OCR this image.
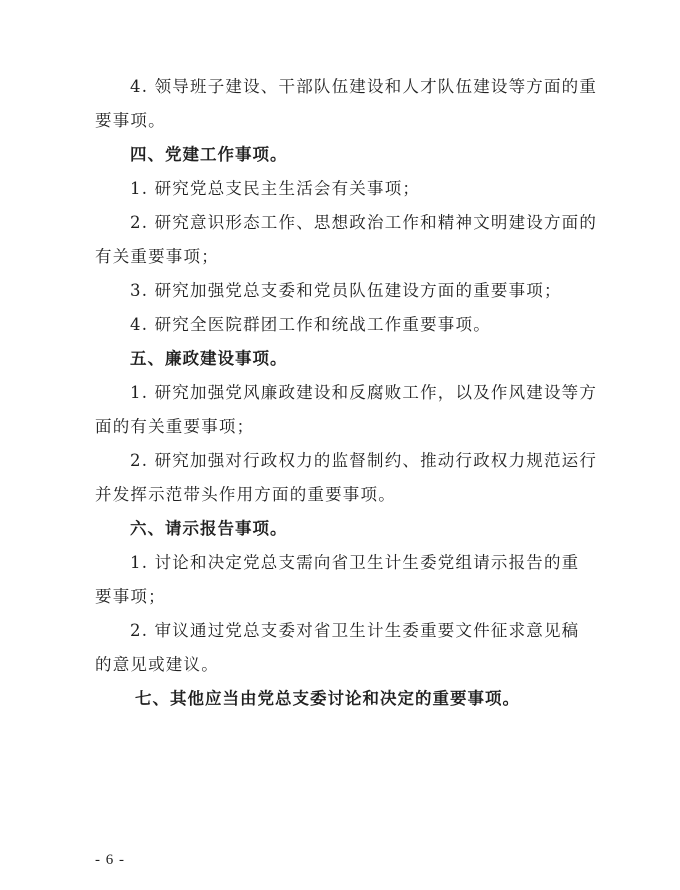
4. 领导班子建设、干部队伍建设和人才队伍建设等方面的重
要事项。
四、党建工作事项。
1. 研究党总支民主生活会有关事项；
2. 研究意识形态工作、思想政治工作和精神文明建设方面的
有关重要事项；
3. 研究加强党总支委和党员队伍建设方面的重要事项；
4. 研究全医院群团工作和统战工作重要事项。
五、廉政建设事项。
1. 研究加强党风廉政建设和反腐败工作，以及作风建设等方
面的有关重要事项；
2. 研究加强对行政权力的监督制约、推动行政权力规范运行
并发挥示范带头作用方面的重要事项。
六、请示报告事项。
1. 讨论和决定党总支需向省卫生计生委党组请示报告的重
要事项；
2. 审议通过党总支委对省卫生计生委重要文件征求意见稿
的意见或建议。
七、其他应当由党总支委讨论和决定的重要事项。
- 6 -
